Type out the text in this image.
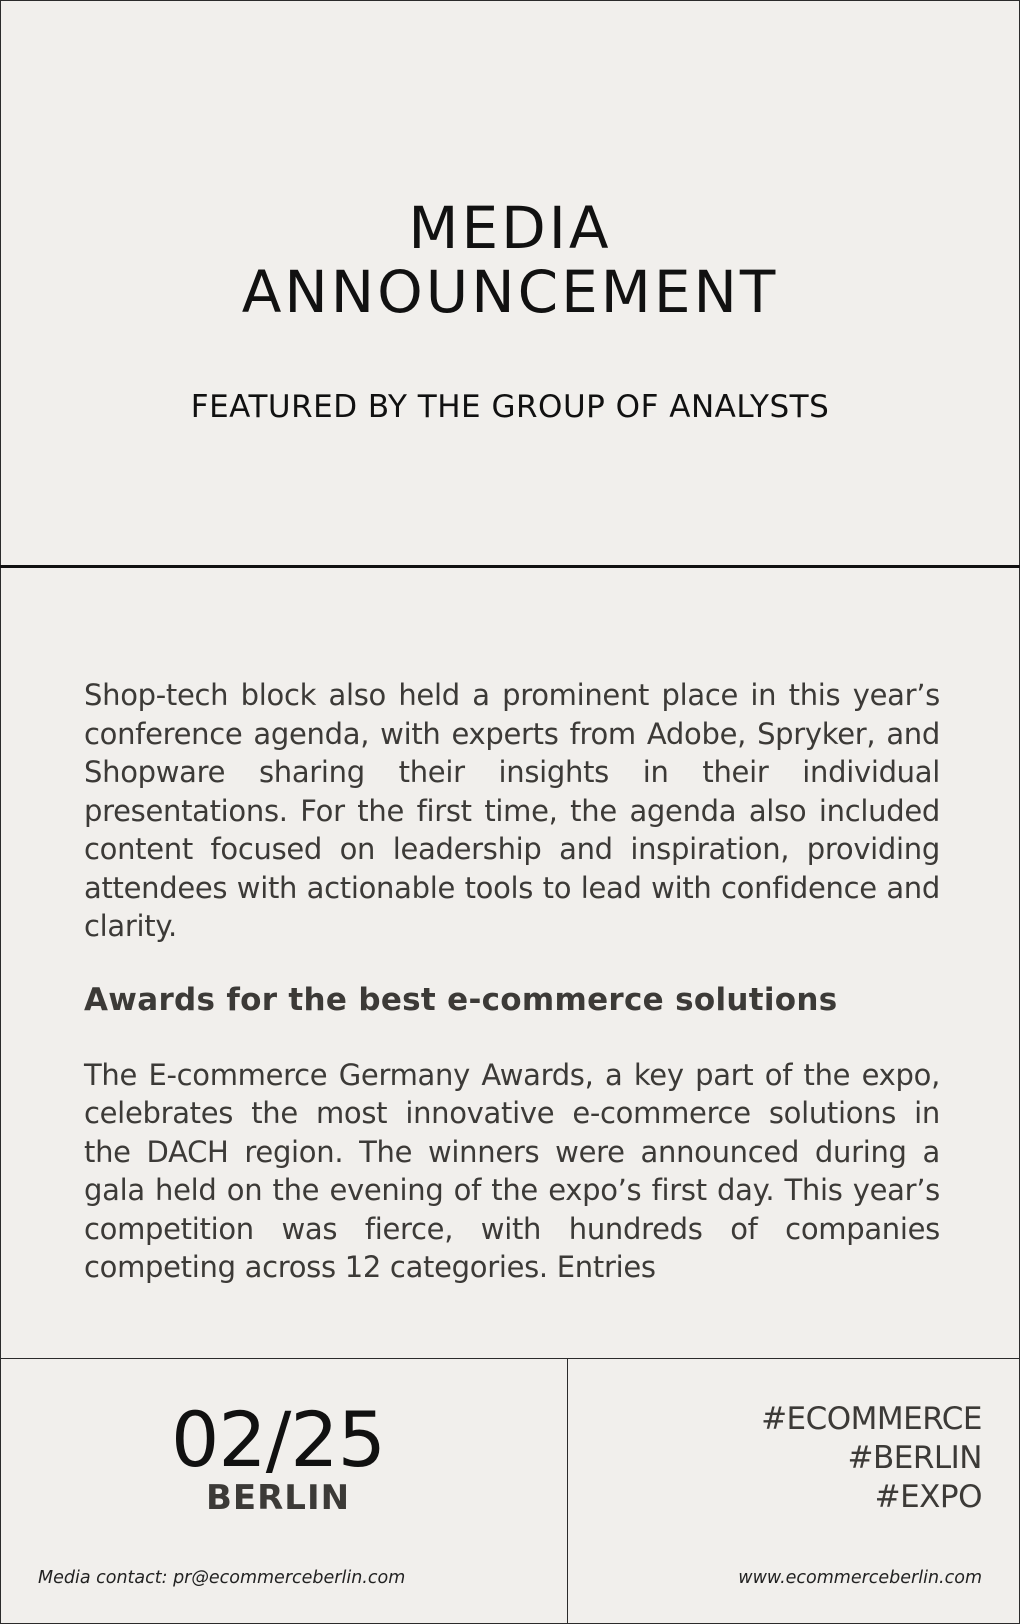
MEDIA
ANNOUNCEMENT

FEATURED BY THE GROUP OF ANALYSTS

Shop-tech block also held a prominent place in this year’s conference agenda, with experts from Adobe, Spryker, and Shopware sharing their insights in their individual presentations. For the first time, the agenda also included content focused on leadership and inspiration, providing attendees with actionable tools to lead with confidence and clarity.

Awards for the best e-commerce solutions

The E-commerce Germany Awards, a key part of the expo, celebrates the most innovative e-commerce solutions in the DACH region. The winners were announced during a gala held on the evening of the expo’s first day. This year’s competition was fierce, with hundreds of companies competing across 12 categories. Entries

02/25
BERLIN
Media contact: pr@ecommerceberlin.com
#ECOMMERCE
#BERLIN
#EXPO
www.ecommerceberlin.com
